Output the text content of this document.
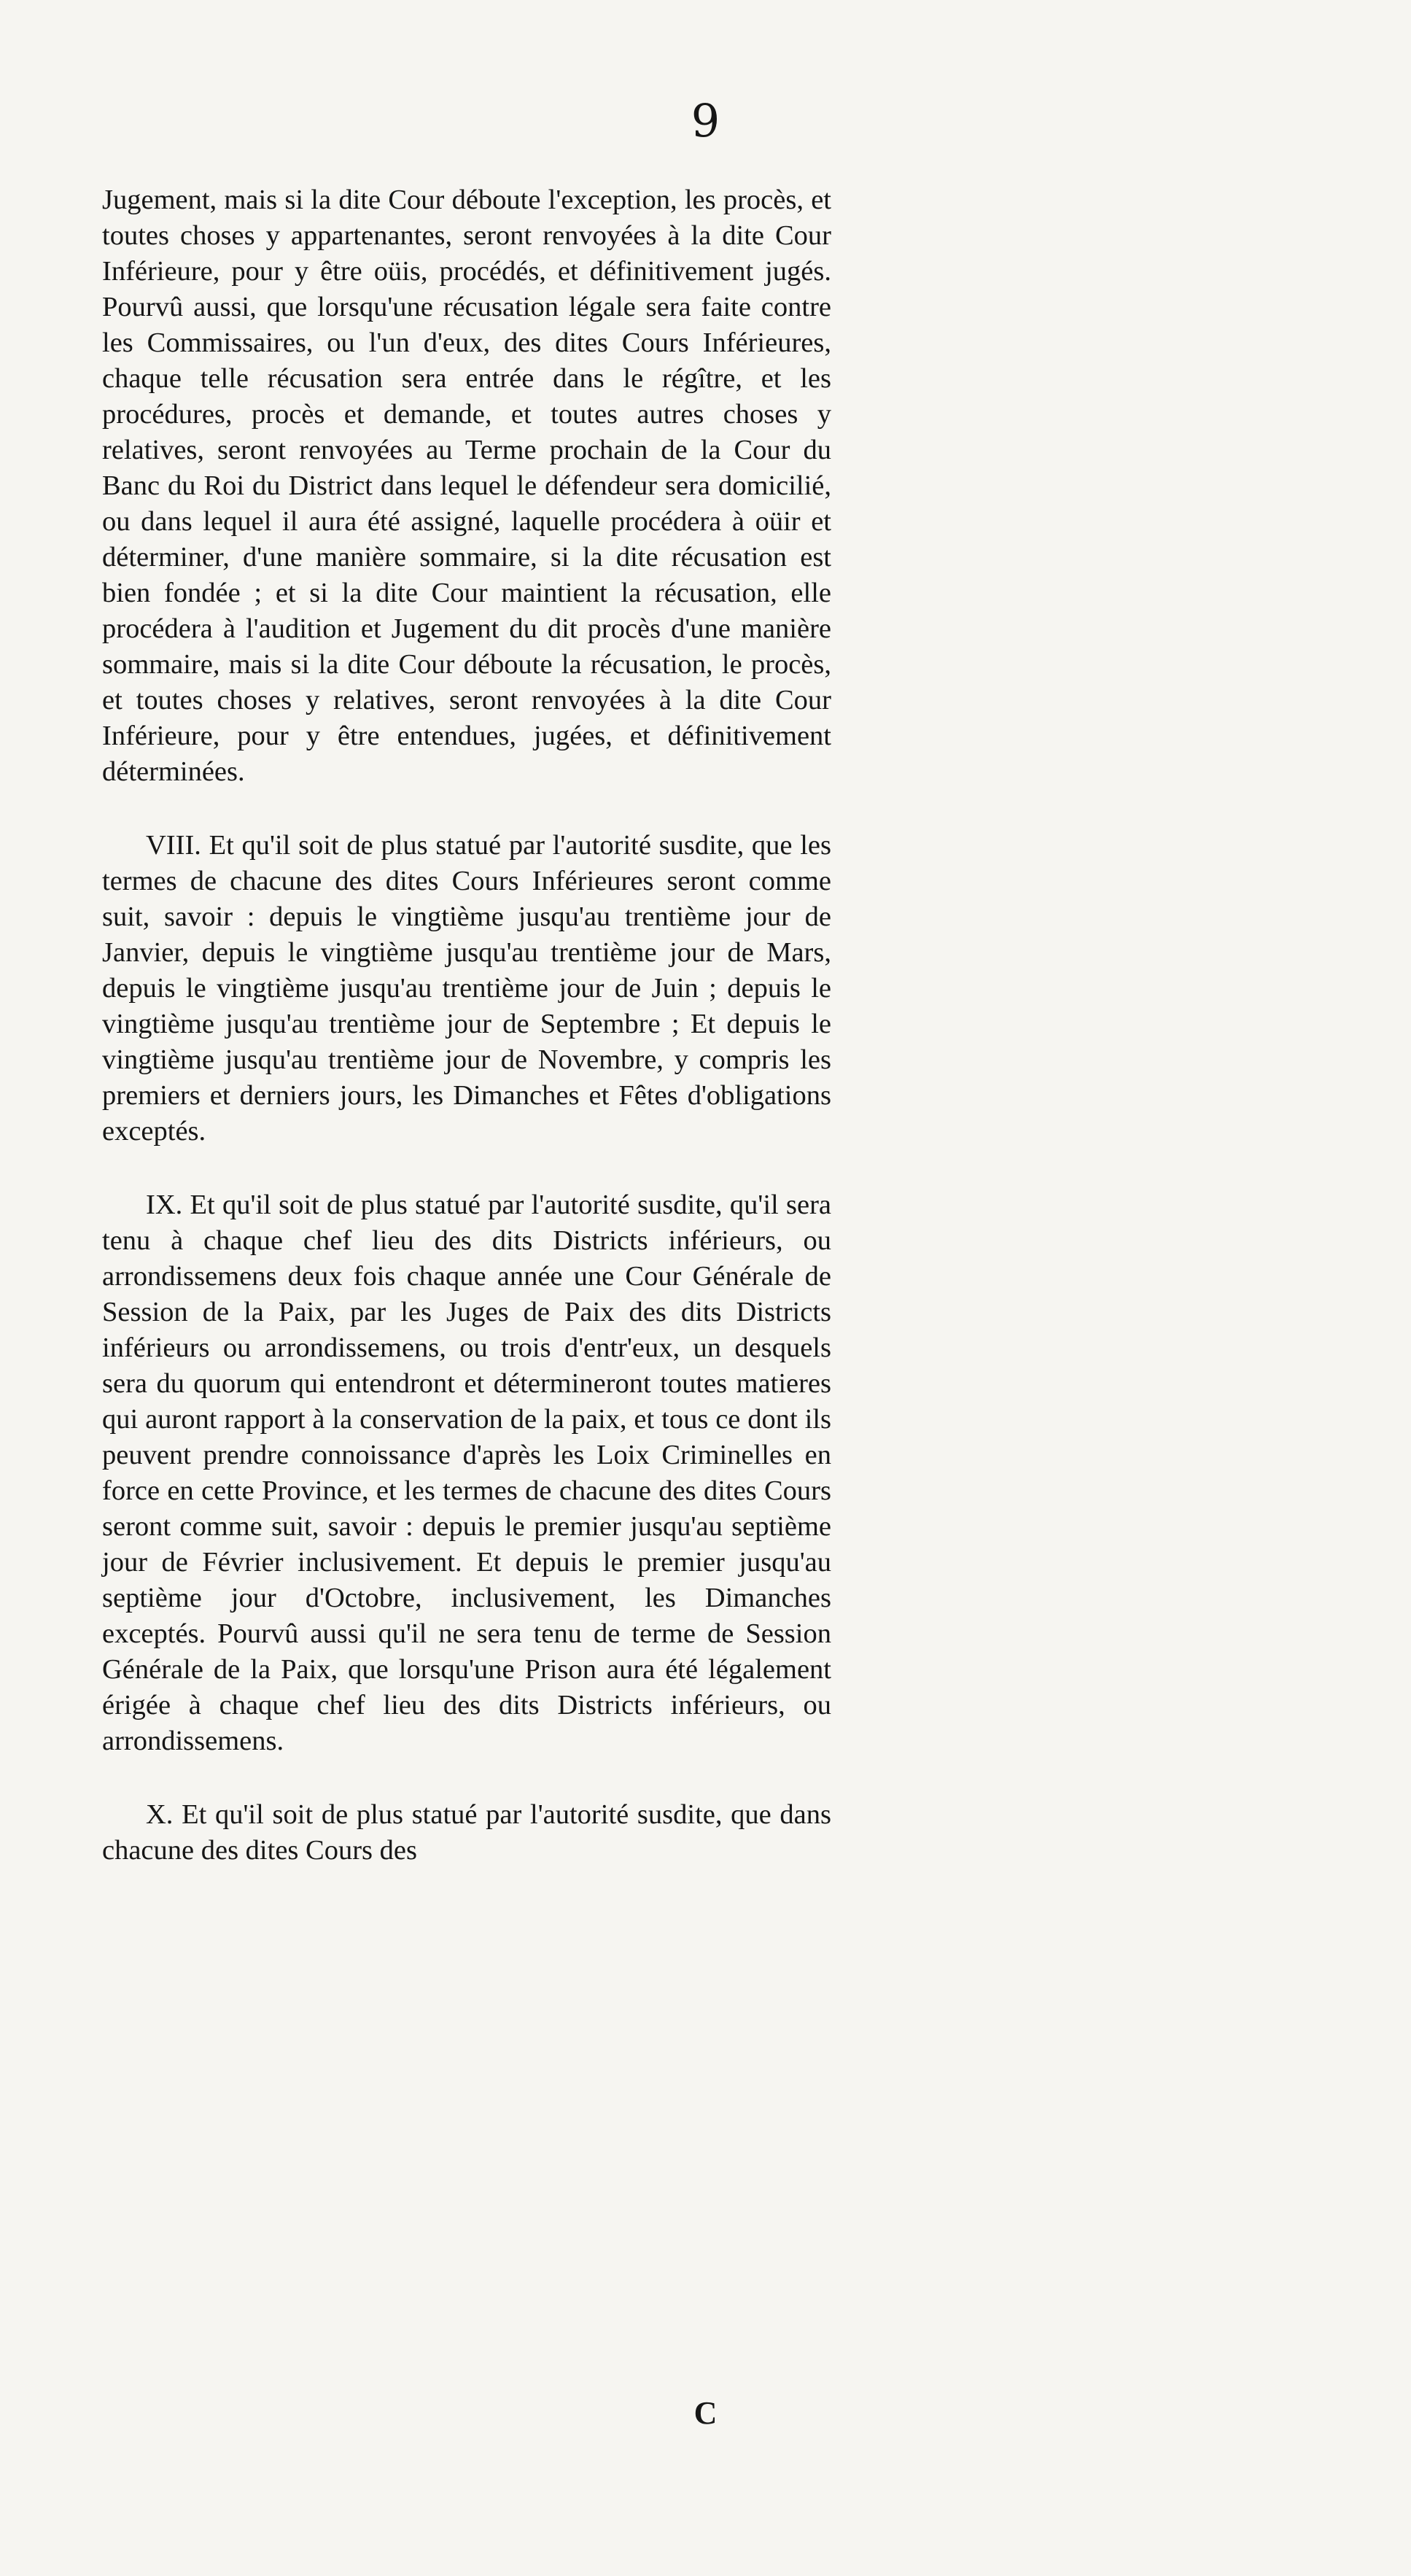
9

Jugement, mais si la dite Cour déboute l'exception, les procès, et toutes choses y appartenantes, seront renvoyées à la dite Cour Inférieure, pour y être oüis, procédés, et définitivement jugés. Pourvû aussi, que lorsqu'une récusation légale sera faite contre les Commissaires, ou l'un d'eux, des dites Cours Inférieures, chaque telle récusation sera entrée dans le régître, et les procédures, procès et demande, et toutes autres choses y relatives, seront renvoyées au Terme prochain de la Cour du Banc du Roi du District dans lequel le défendeur sera domicilié, ou dans lequel il aura été assigné, laquelle procédera à oüir et déterminer, d'une manière sommaire, si la dite récusation est bien fondée ; et si la dite Cour maintient la récusation, elle procédera à l'audition et Jugement du dit procès d'une manière sommaire, mais si la dite Cour déboute la récusation, le procès, et toutes choses y relatives, seront renvoyées à la dite Cour Inférieure, pour y être entendues, jugées, et définitivement déterminées.

VIII. Et qu'il soit de plus statué par l'autorité susdite, que les termes de chacune des dites Cours Inférieures seront comme suit, savoir : depuis le vingtième jusqu'au trentième jour de Janvier, depuis le vingtième jusqu'au trentième jour de Mars, depuis le vingtième jusqu'au trentième jour de Juin ; depuis le vingtième jusqu'au trentième jour de Septembre ; Et depuis le vingtième jusqu'au trentième jour de Novembre, y compris les premiers et derniers jours, les Dimanches et Fêtes d'obligations exceptés.

IX. Et qu'il soit de plus statué par l'autorité susdite, qu'il sera tenu à chaque chef lieu des dits Districts inférieurs, ou arrondissemens deux fois chaque année une Cour Générale de Session de la Paix, par les Juges de Paix des dits Districts inférieurs ou arrondissemens, ou trois d'entr'eux, un desquels sera du quorum qui entendront et détermineront toutes matieres qui auront rapport à la conservation de la paix, et tous ce dont ils peuvent prendre connoissance d'après les Loix Criminelles en force en cette Province, et les termes de chacune des dites Cours seront comme suit, savoir : depuis le premier jusqu'au septième jour de Février inclusivement. Et depuis le premier jusqu'au septième jour d'Octobre, inclusivement, les Dimanches exceptés. Pourvû aussi qu'il ne sera tenu de terme de Session Générale de la Paix, que lorsqu'une Prison aura été légalement érigée à chaque chef lieu des dits Districts inférieurs, ou arrondissemens.

X. Et qu'il soit de plus statué par l'autorité susdite, que dans chacune des dites Cours des

C
